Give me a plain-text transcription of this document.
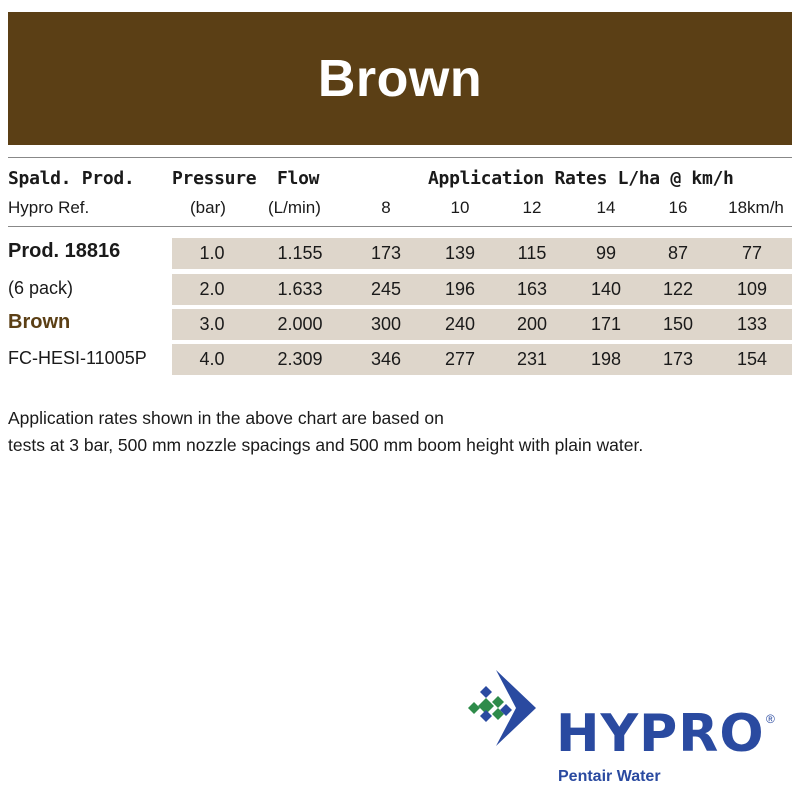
Brown
Spald. Prod. Pressure Flow	Application Rates L/ha @ km/h
Hypro Ref.	(bar) (L/min)	8	10	12	14	16	18km/h
Prod. 18816	1.0	1.155	173	139	115	99	87	77
(6 pack)	2.0	1.633	245	196	163	140	122	109
Brown	3.0	2.000	300	240	200	171	150	133
FC-HESI-11005P	4.0	2.309	346	277	231	198	173	154
Application rates shown in the above chart are based on
tests at 3 bar, 500 mm nozzle spacings and 500 mm boom height with plain water.
HYPRO ®
Pentair Water
